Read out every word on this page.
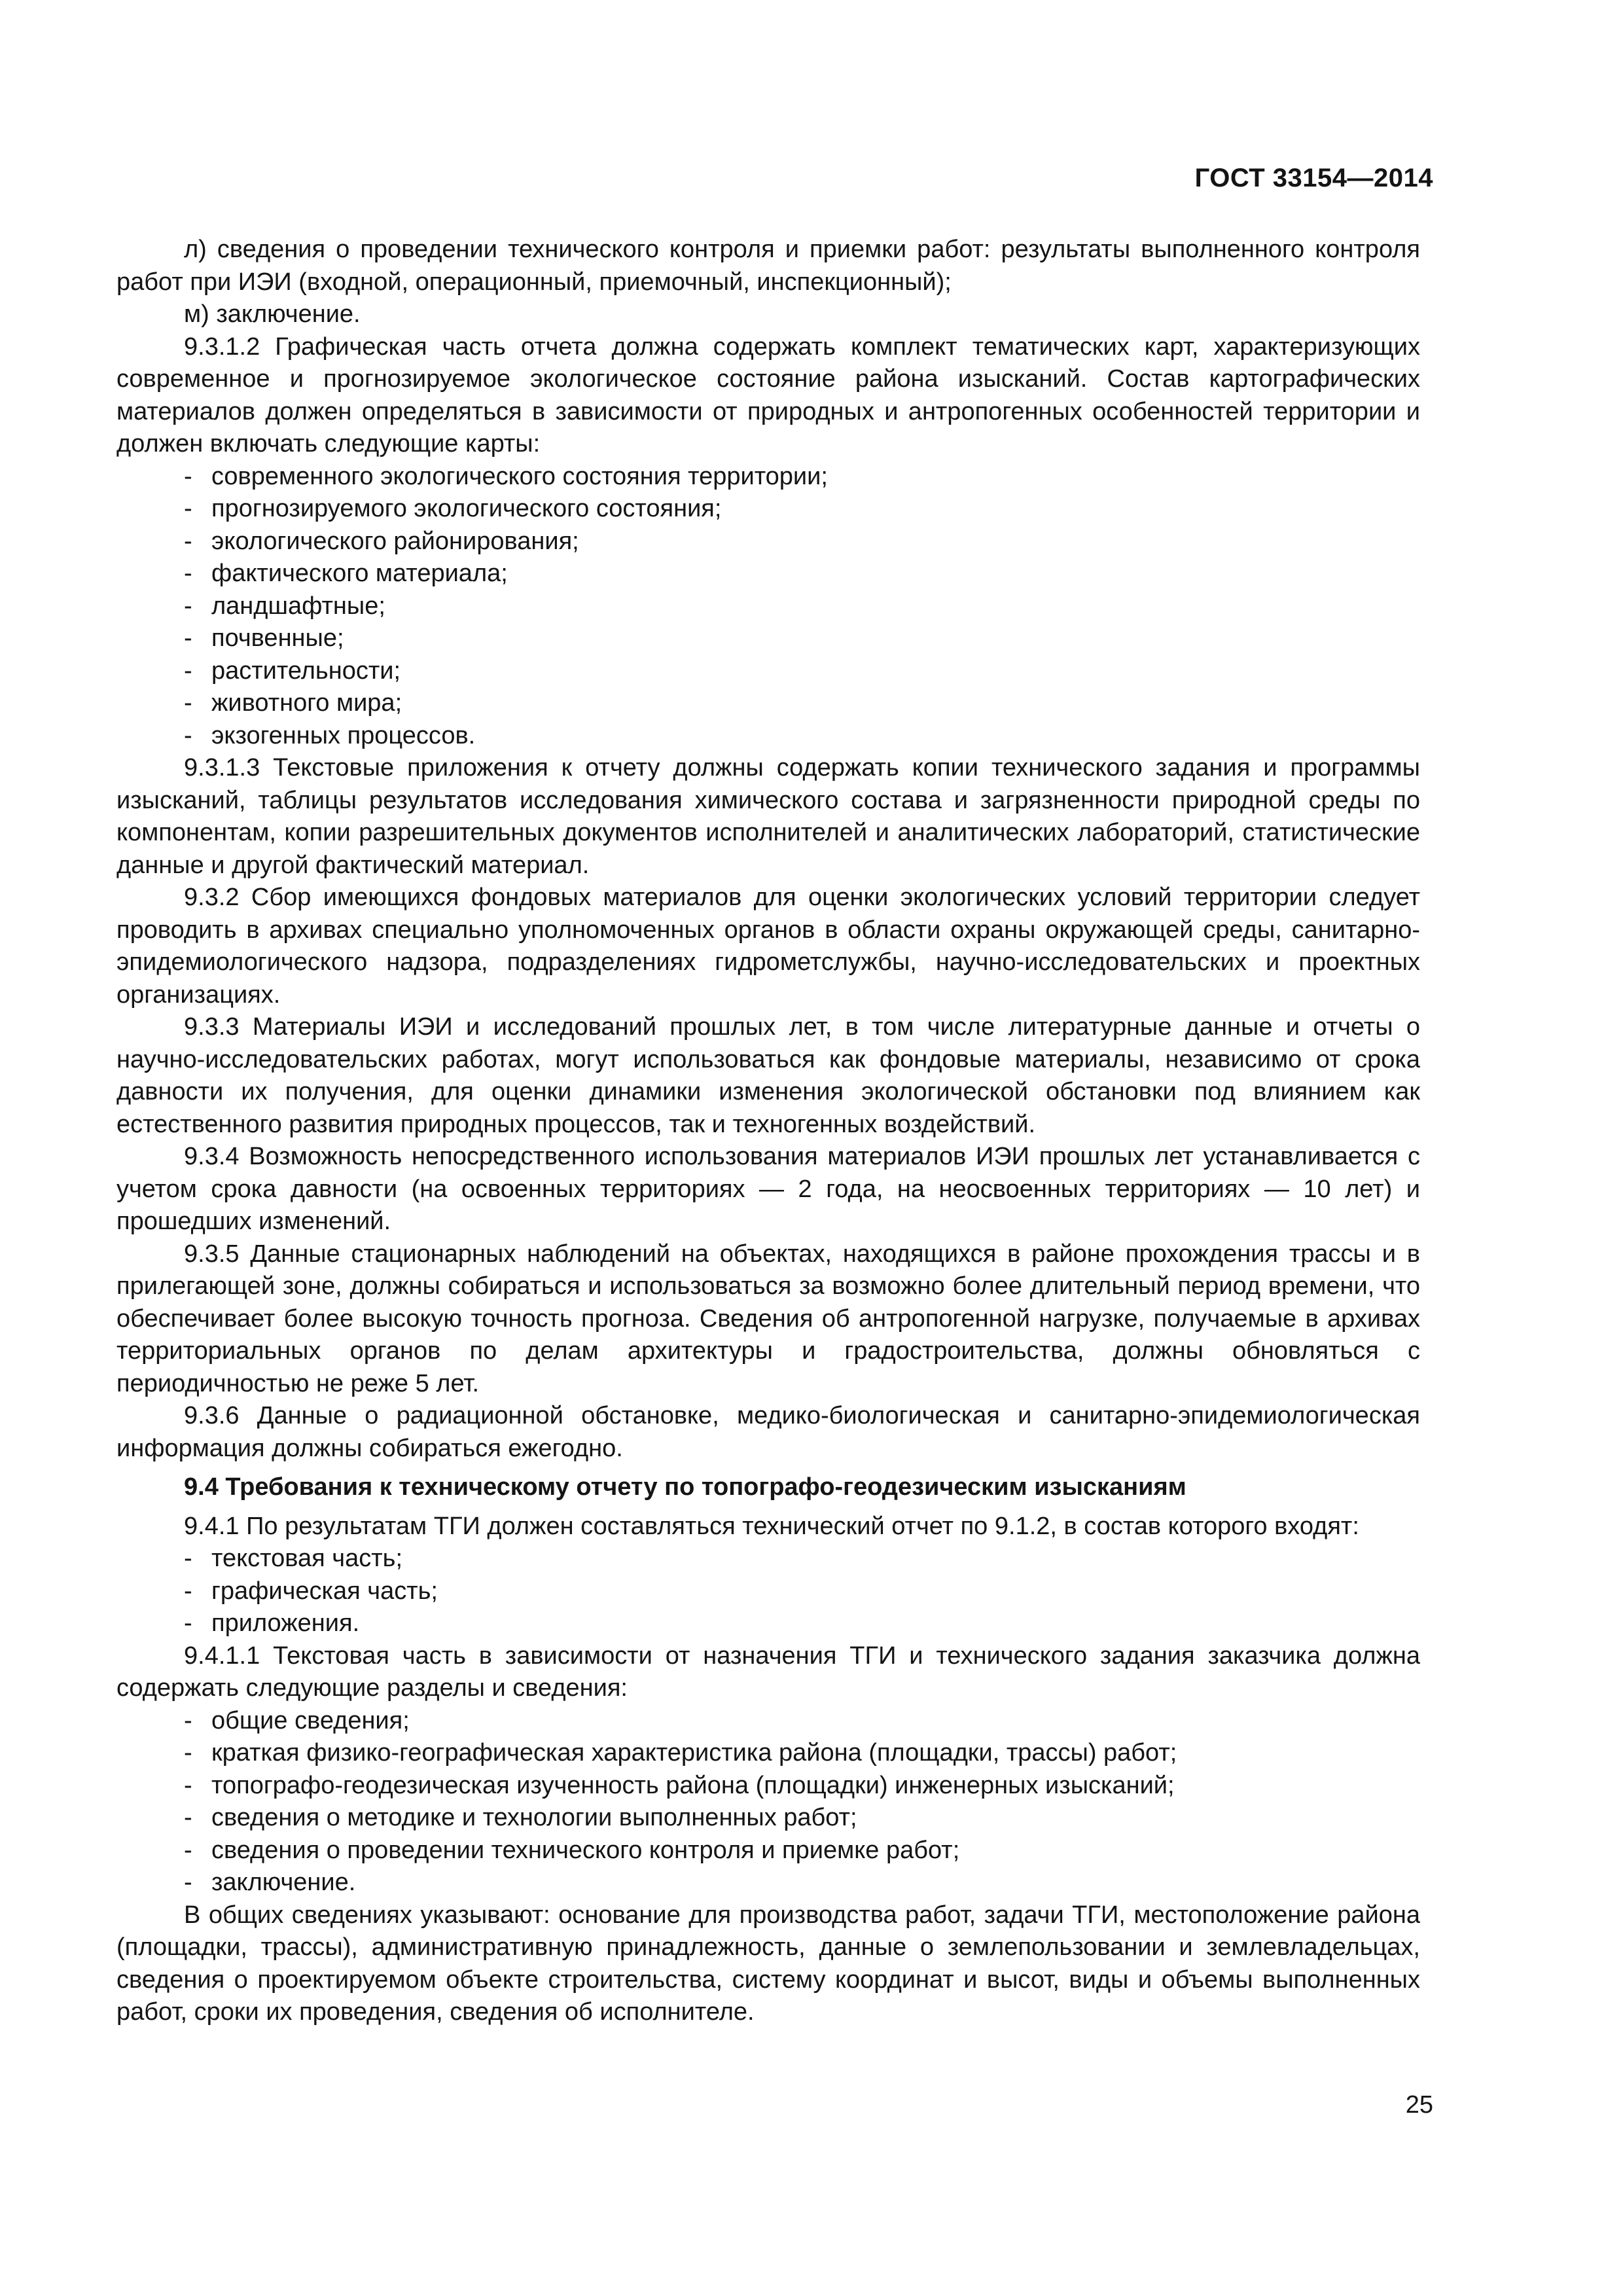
ГОСТ 33154—2014

л) сведения о проведении технического контроля и приемки работ: результаты выполненного контроля работ при ИЭИ (входной, операционный, приемочный, инспекционный);

м) заключение.

9.3.1.2 Графическая часть отчета должна содержать комплект тематических карт, характеризующих современное и прогнозируемое экологическое состояние района изысканий. Состав картографических материалов должен определяться в зависимости от природных и антропогенных особенностей территории и должен включать следующие карты:

- современного экологического состояния территории;

- прогнозируемого экологического состояния;

- экологического районирования;

- фактического материала;

- ландшафтные;

- почвенные;

- растительности;

- животного мира;

- экзогенных процессов.

9.3.1.3 Текстовые приложения к отчету должны содержать копии технического задания и программы изысканий, таблицы результатов исследования химического состава и загрязненности природной среды по компонентам, копии разрешительных документов исполнителей и аналитических лабораторий, статистические данные и другой фактический материал.

9.3.2 Сбор имеющихся фондовых материалов для оценки экологических условий территории следует проводить в архивах специально уполномоченных органов в области охраны окружающей среды, санитарно-эпидемиологического надзора, подразделениях гидрометслужбы, научно-исследовательских и проектных организациях.

9.3.3 Материалы ИЭИ и исследований прошлых лет, в том числе литературные данные и отчеты о научно-исследовательских работах, могут использоваться как фондовые материалы, независимо от срока давности их получения, для оценки динамики изменения экологической обстановки под влиянием как естественного развития природных процессов, так и техногенных воздействий.

9.3.4 Возможность непосредственного использования материалов ИЭИ прошлых лет устанавливается с учетом срока давности (на освоенных территориях — 2 года, на неосвоенных территориях — 10 лет) и прошедших изменений.

9.3.5 Данные стационарных наблюдений на объектах, находящихся в районе прохождения трассы и в прилегающей зоне, должны собираться и использоваться за возможно более длительный период времени, что обеспечивает более высокую точность прогноза. Сведения об антропогенной нагрузке, получаемые в архивах территориальных органов по делам архитектуры и градостроительства, должны обновляться с периодичностью не реже 5 лет.

9.3.6 Данные о радиационной обстановке, медико-биологическая и санитарно-эпидемиологическая информация должны собираться ежегодно.

9.4 Требования к техническому отчету по топографо-геодезическим изысканиям

9.4.1 По результатам ТГИ должен составляться технический отчет по 9.1.2, в состав которого входят:

- текстовая часть;

- графическая часть;

- приложения.

9.4.1.1 Текстовая часть в зависимости от назначения ТГИ и технического задания заказчика должна содержать следующие разделы и сведения:

- общие сведения;

- краткая физико-географическая характеристика района (площадки, трассы) работ;

- топографо-геодезическая изученность района (площадки) инженерных изысканий;

- сведения о методике и технологии выполненных работ;

- сведения о проведении технического контроля и приемке работ;

- заключение.

В общих сведениях указывают: основание для производства работ, задачи ТГИ, местоположение района (площадки, трассы), административную принадлежность, данные о землепользовании и землевладельцах, сведения о проектируемом объекте строительства, систему координат и высот, виды и объемы выполненных работ, сроки их проведения, сведения об исполнителе.

25
